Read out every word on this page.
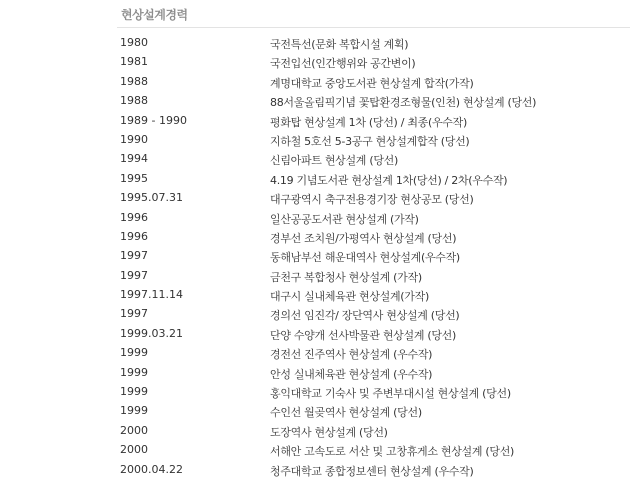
현상설계경력
1980	국전특선(문화 복합시설 계획)
1981	국전입선(인간행위와 공간변이)
1988	계명대학교 중앙도서관 현상설계 합작(가작)
1988	88서울올림픽기념 꽃탑환경조형물(인천) 현상설계 (당선)
1989 - 1990	평화탑 현상설계 1차 (당선) / 최종(우수작)
1990	지하철 5호선 5-3공구 현상설계합작 (당선)
1994	신림아파트 현상설계 (당선)
1995	4.19 기념도서관 현상설계 1차(당선) / 2차(우수작)
1995.07.31	대구광역시 축구전용경기장 현상공모 (당선)
1996	일산공공도서관 현상설계 (가작)
1996	경부선 조치원/가평역사 현상설계 (당선)
1997	동해남부선 해운대역사 현상설계(우수작)
1997	금천구 복합청사 현상설계 (가작)
1997.11.14	대구시 실내체육관 현상설계(가작)
1997	경의선 임진각/ 장단역사 현상설계 (당선)
1999.03.21	단양 수양개 선사박물관 현상설계 (당선)
1999	경전선 진주역사 현상설계 (우수작)
1999	안성 실내체육관 현상설계 (우수작)
1999	홍익대학교 기숙사 및 주변부대시설 현상설계 (당선)
1999	수인선 월곶역사 현상설계 (당선)
2000	도장역사 현상설계 (당선)
2000	서해안 고속도로 서산 및 고창휴게소 현상설계 (당선)
2000.04.22	청주대학교 종합정보센터 현상설계 (우수작)
